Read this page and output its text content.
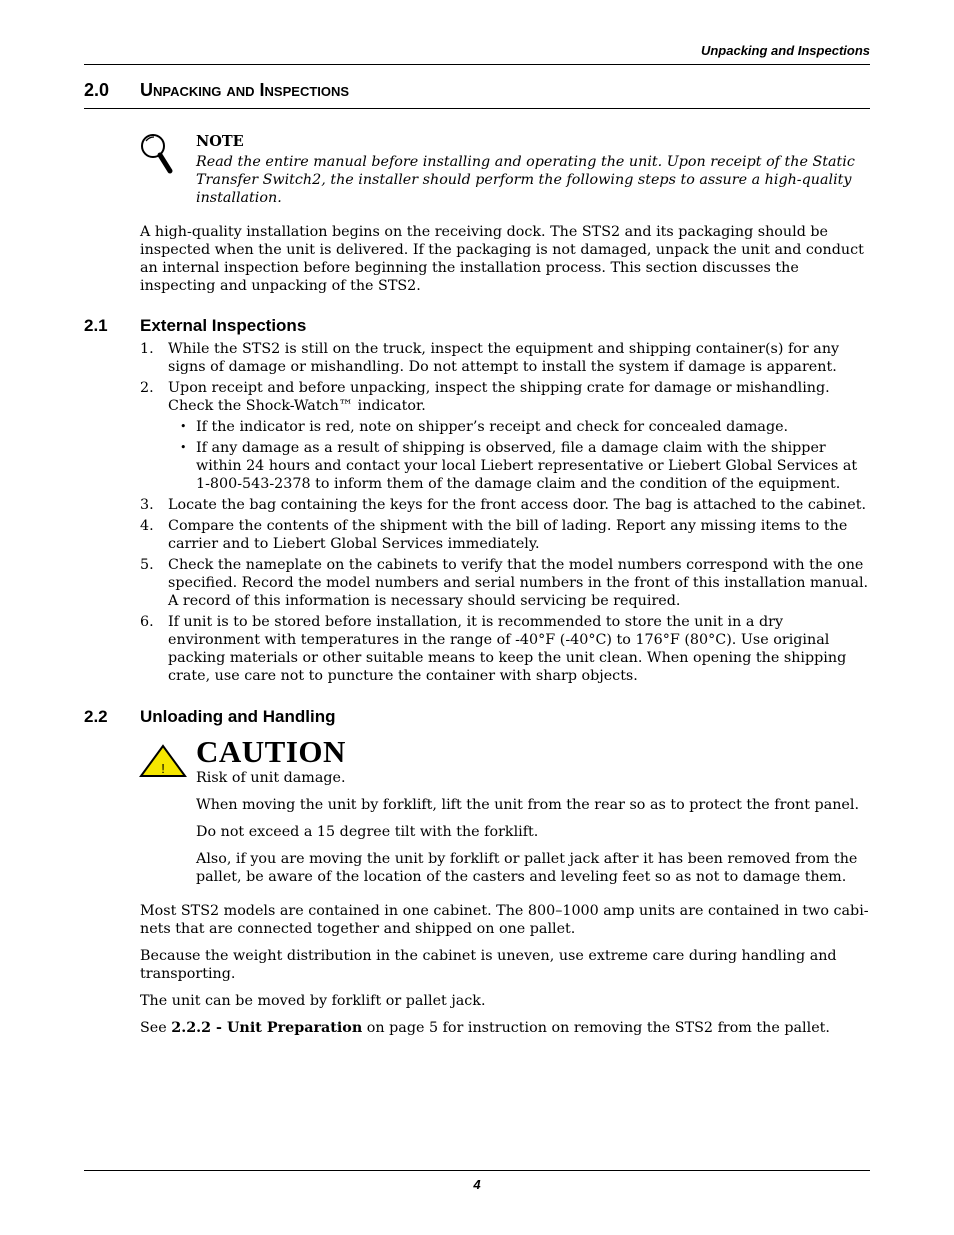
Unpacking and Inspections
2.0 Unpacking and Inspections
NOTE
Read the entire manual before installing and operating the unit. Upon receipt of the Static Transfer Switch2, the installer should perform the following steps to assure a high-quality installation.
A high-quality installation begins on the receiving dock. The STS2 and its packaging should be inspected when the unit is delivered. If the packaging is not damaged, unpack the unit and conduct an internal inspection before beginning the installation process. This section discusses the inspecting and unpacking of the STS2.
2.1 External Inspections
1.	While the STS2 is still on the truck, inspect the equipment and shipping container(s) for any signs of damage or mishandling. Do not attempt to install the system if damage is apparent.
2.	Upon receipt and before unpacking, inspect the shipping crate for damage or mishandling. Check the Shock-Watch™ indicator.
• If the indicator is red, note on shipper’s receipt and check for concealed damage.
• If any damage as a result of shipping is observed, file a damage claim with the shipper within 24 hours and contact your local Liebert representative or Liebert Global Services at 1-800-543-2378 to inform them of the damage claim and the condition of the equipment.
3.	Locate the bag containing the keys for the front access door. The bag is attached to the cabinet.
4.	Compare the contents of the shipment with the bill of lading. Report any missing items to the carrier and to Liebert Global Services immediately.
5.	Check the nameplate on the cabinets to verify that the model numbers correspond with the one specified. Record the model numbers and serial numbers in the front of this installation manual. A record of this information is necessary should servicing be required.
6.	If unit is to be stored before installation, it is recommended to store the unit in a dry environment with temperatures in the range of -40°F (-40°C) to 176°F (80°C). Use original packing materials or other suitable means to keep the unit clean. When opening the shipping crate, use care not to puncture the container with sharp objects.
2.2 Unloading and Handling
! CAUTION

Risk of unit damage.

When moving the unit by forklift, lift the unit from the rear so as to protect the front panel.

Do not exceed a 15 degree tilt with the forklift.

Also, if you are moving the unit by forklift or pallet jack after it has been removed from the pallet, be aware of the location of the casters and leveling feet so as not to damage them.

Most STS2 models are contained in one cabinet. The 800–1000 amp units are contained in two cabi-nets that are connected together and shipped on one pallet.

Because the weight distribution in the cabinet is uneven, use extreme care during handling and transporting.

The unit can be moved by forklift or pallet jack.

See 2.2.2 - Unit Preparation on page 5 for instruction on removing the STS2 from the pallet.

4
